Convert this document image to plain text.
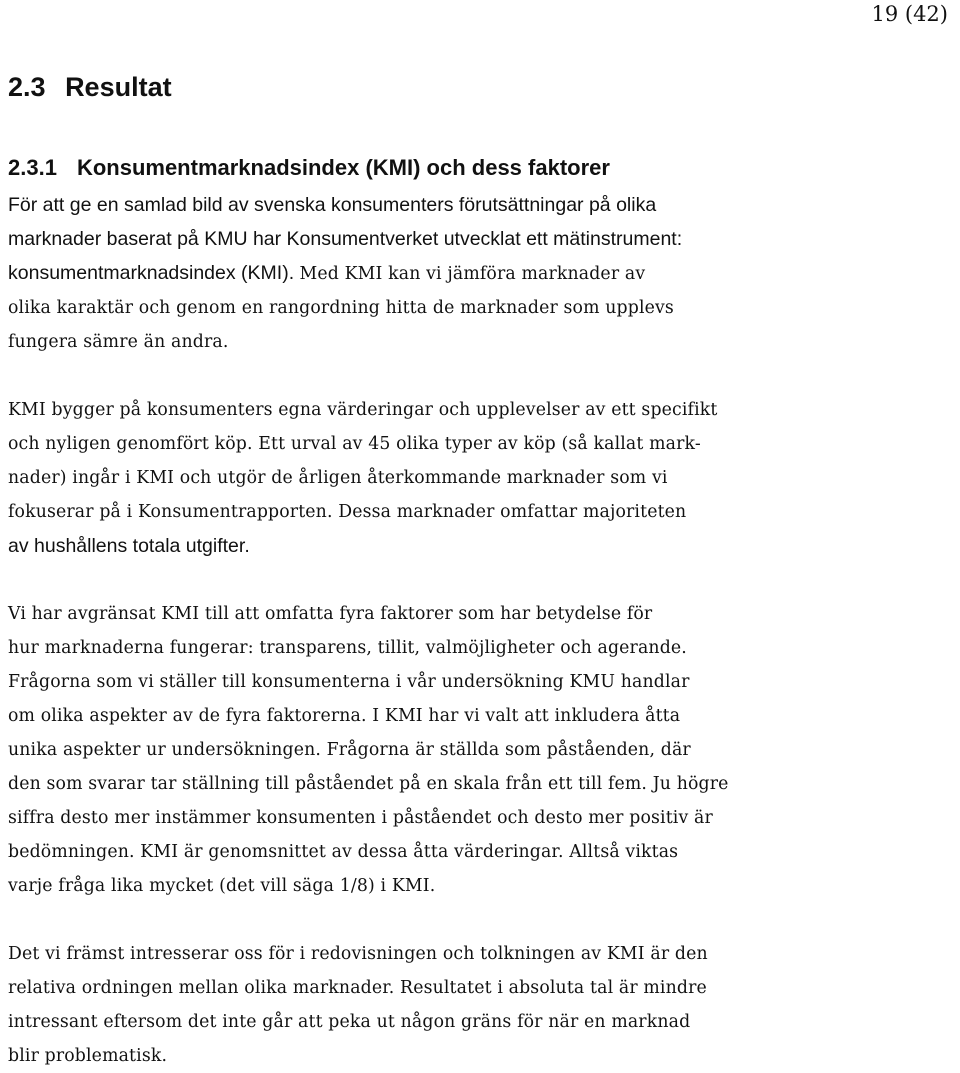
19 (42)
2.3 Resultat
2.3.1 Konsumentmarknadsindex (KMI) och dess faktorer
För att ge en samlad bild av svenska konsumenters förutsättningar på olika
marknader baserat på KMU har Konsumentverket utvecklat ett mätinstrument:
konsumentmarknadsindex (KMI). Med KMI kan vi jämföra marknader av
olika karaktär och genom en rangordning hitta de marknader som upplevs
fungera sämre än andra.
KMI bygger på konsumenters egna värderingar och upplevelser av ett specifikt
och nyligen genomfört köp. Ett urval av 45 olika typer av köp (så kallat mark-
nader) ingår i KMI och utgör de årligen återkommande marknader som vi
fokuserar på i Konsumentrapporten. Dessa marknader omfattar majoriteten
av hushållens totala utgifter.
Vi har avgränsat KMI till att omfatta fyra faktorer som har betydelse för
hur marknaderna fungerar: transparens, tillit, valmöjligheter och agerande.
Frågorna som vi ställer till konsumenterna i vår undersökning KMU handlar
om olika aspekter av de fyra faktorerna. I KMI har vi valt att inkludera åtta
unika aspekter ur undersökningen. Frågorna är ställda som påståenden, där
den som svarar tar ställning till påståendet på en skala från ett till fem. Ju högre
siffra desto mer instämmer konsumenten i påståendet och desto mer positiv är
bedömningen. KMI är genomsnittet av dessa åtta värderingar. Alltså viktas
varje fråga lika mycket (det vill säga 1/8) i KMI.
Det vi främst intresserar oss för i redovisningen och tolkningen av KMI är den
relativa ordningen mellan olika marknader. Resultatet i absoluta tal är mindre
intressant eftersom det inte går att peka ut någon gräns för när en marknad
blir problematisk.
